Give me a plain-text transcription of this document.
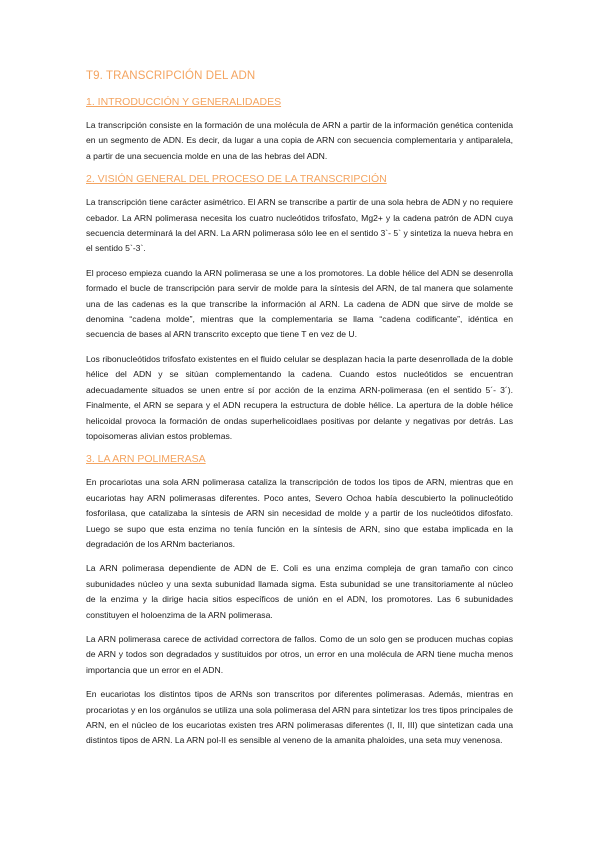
T9. TRANSCRIPCIÓN DEL ADN
1. INTRODUCCIÓN Y GENERALIDADES

La transcripción consiste en la formación de una molécula de ARN a partir de la información genética contenida en un segmento de ADN. Es decir, da lugar a una copia de ARN con secuencia complementaria y antiparalela, a partir de una secuencia molde en una de las hebras del ADN.

2. VISIÓN GENERAL DEL PROCESO DE LA TRANSCRIPCIÓN

La transcripción tiene carácter asimétrico. El ARN se transcribe a partir de una sola hebra de ADN y no requiere cebador. La ARN polimerasa necesita los cuatro nucleótidos trifosfato, Mg2+ y la cadena patrón de ADN cuya secuencia determinará la del ARN. La ARN polimerasa sólo lee en el sentido 3`- 5` y sintetiza la nueva hebra en el sentido 5`-3`.

El proceso empieza cuando la ARN polimerasa se une a los promotores. La doble hélice del ADN se desenrolla formado el bucle de transcripción para servir de molde para la síntesis del ARN, de tal manera que solamente una de las cadenas es la que transcribe la información al ARN. La cadena de ADN que sirve de molde se denomina “cadena molde”, mientras que la complementaria se llama “cadena codificante”, idéntica en secuencia de bases al ARN transcrito excepto que tiene T en vez de U.

Los ribonucleótidos trifosfato existentes en el fluido celular se desplazan hacia la parte desenrollada de la doble hélice del ADN y se sitúan complementando la cadena. Cuando estos nucleótidos se encuentran adecuadamente situados se unen entre sí por acción de la enzima ARN-polimerasa (en el sentido 5´- 3´). Finalmente, el ARN se separa y el ADN recupera la estructura de doble hélice. La apertura de la doble hélice helicoidal provoca la formación de ondas superhelicoidlaes positivas por delante y negativas por detrás. Las topoisomeras alivian estos problemas.

3. LA ARN POLIMERASA

En procariotas una sola ARN polimerasa cataliza la transcripción de todos los tipos de ARN, mientras que en eucariotas hay ARN polimerasas diferentes. Poco antes, Severo Ochoa había descubierto la polinucleótido fosforilasa, que catalizaba la síntesis de ARN sin necesidad de molde y a partir de los nucleótidos difosfato. Luego se supo que esta enzima no tenía función en la síntesis de ARN, sino que estaba implicada en la degradación de los ARNm bacterianos.

La ARN polimerasa dependiente de ADN de E. Coli es una enzima compleja de gran tamaño con cinco subunidades núcleo y una sexta subunidad llamada sigma. Esta subunidad se une transitoriamente al núcleo de la enzima y la dirige hacia sitios específicos de unión en el ADN, los promotores. Las 6 subunidades constituyen el holoenzima de la ARN polimerasa.

La ARN polimerasa carece de actividad correctora de fallos. Como de un solo gen se producen muchas copias de ARN y todos son degradados y sustituidos por otros, un error en una molécula de ARN tiene mucha menos importancia que un error en el ADN.

En eucariotas los distintos tipos de ARNs son transcritos por diferentes polimerasas. Además, mientras en procariotas y en los orgánulos se utiliza una sola polimerasa del ARN para sintetizar los tres tipos principales de ARN, en el núcleo de los eucariotas existen tres ARN polimerasas diferentes (I, II, III) que sintetizan cada una distintos tipos de ARN. La ARN pol-II es sensible al veneno de la amanita phaloides, una seta muy venenosa.
